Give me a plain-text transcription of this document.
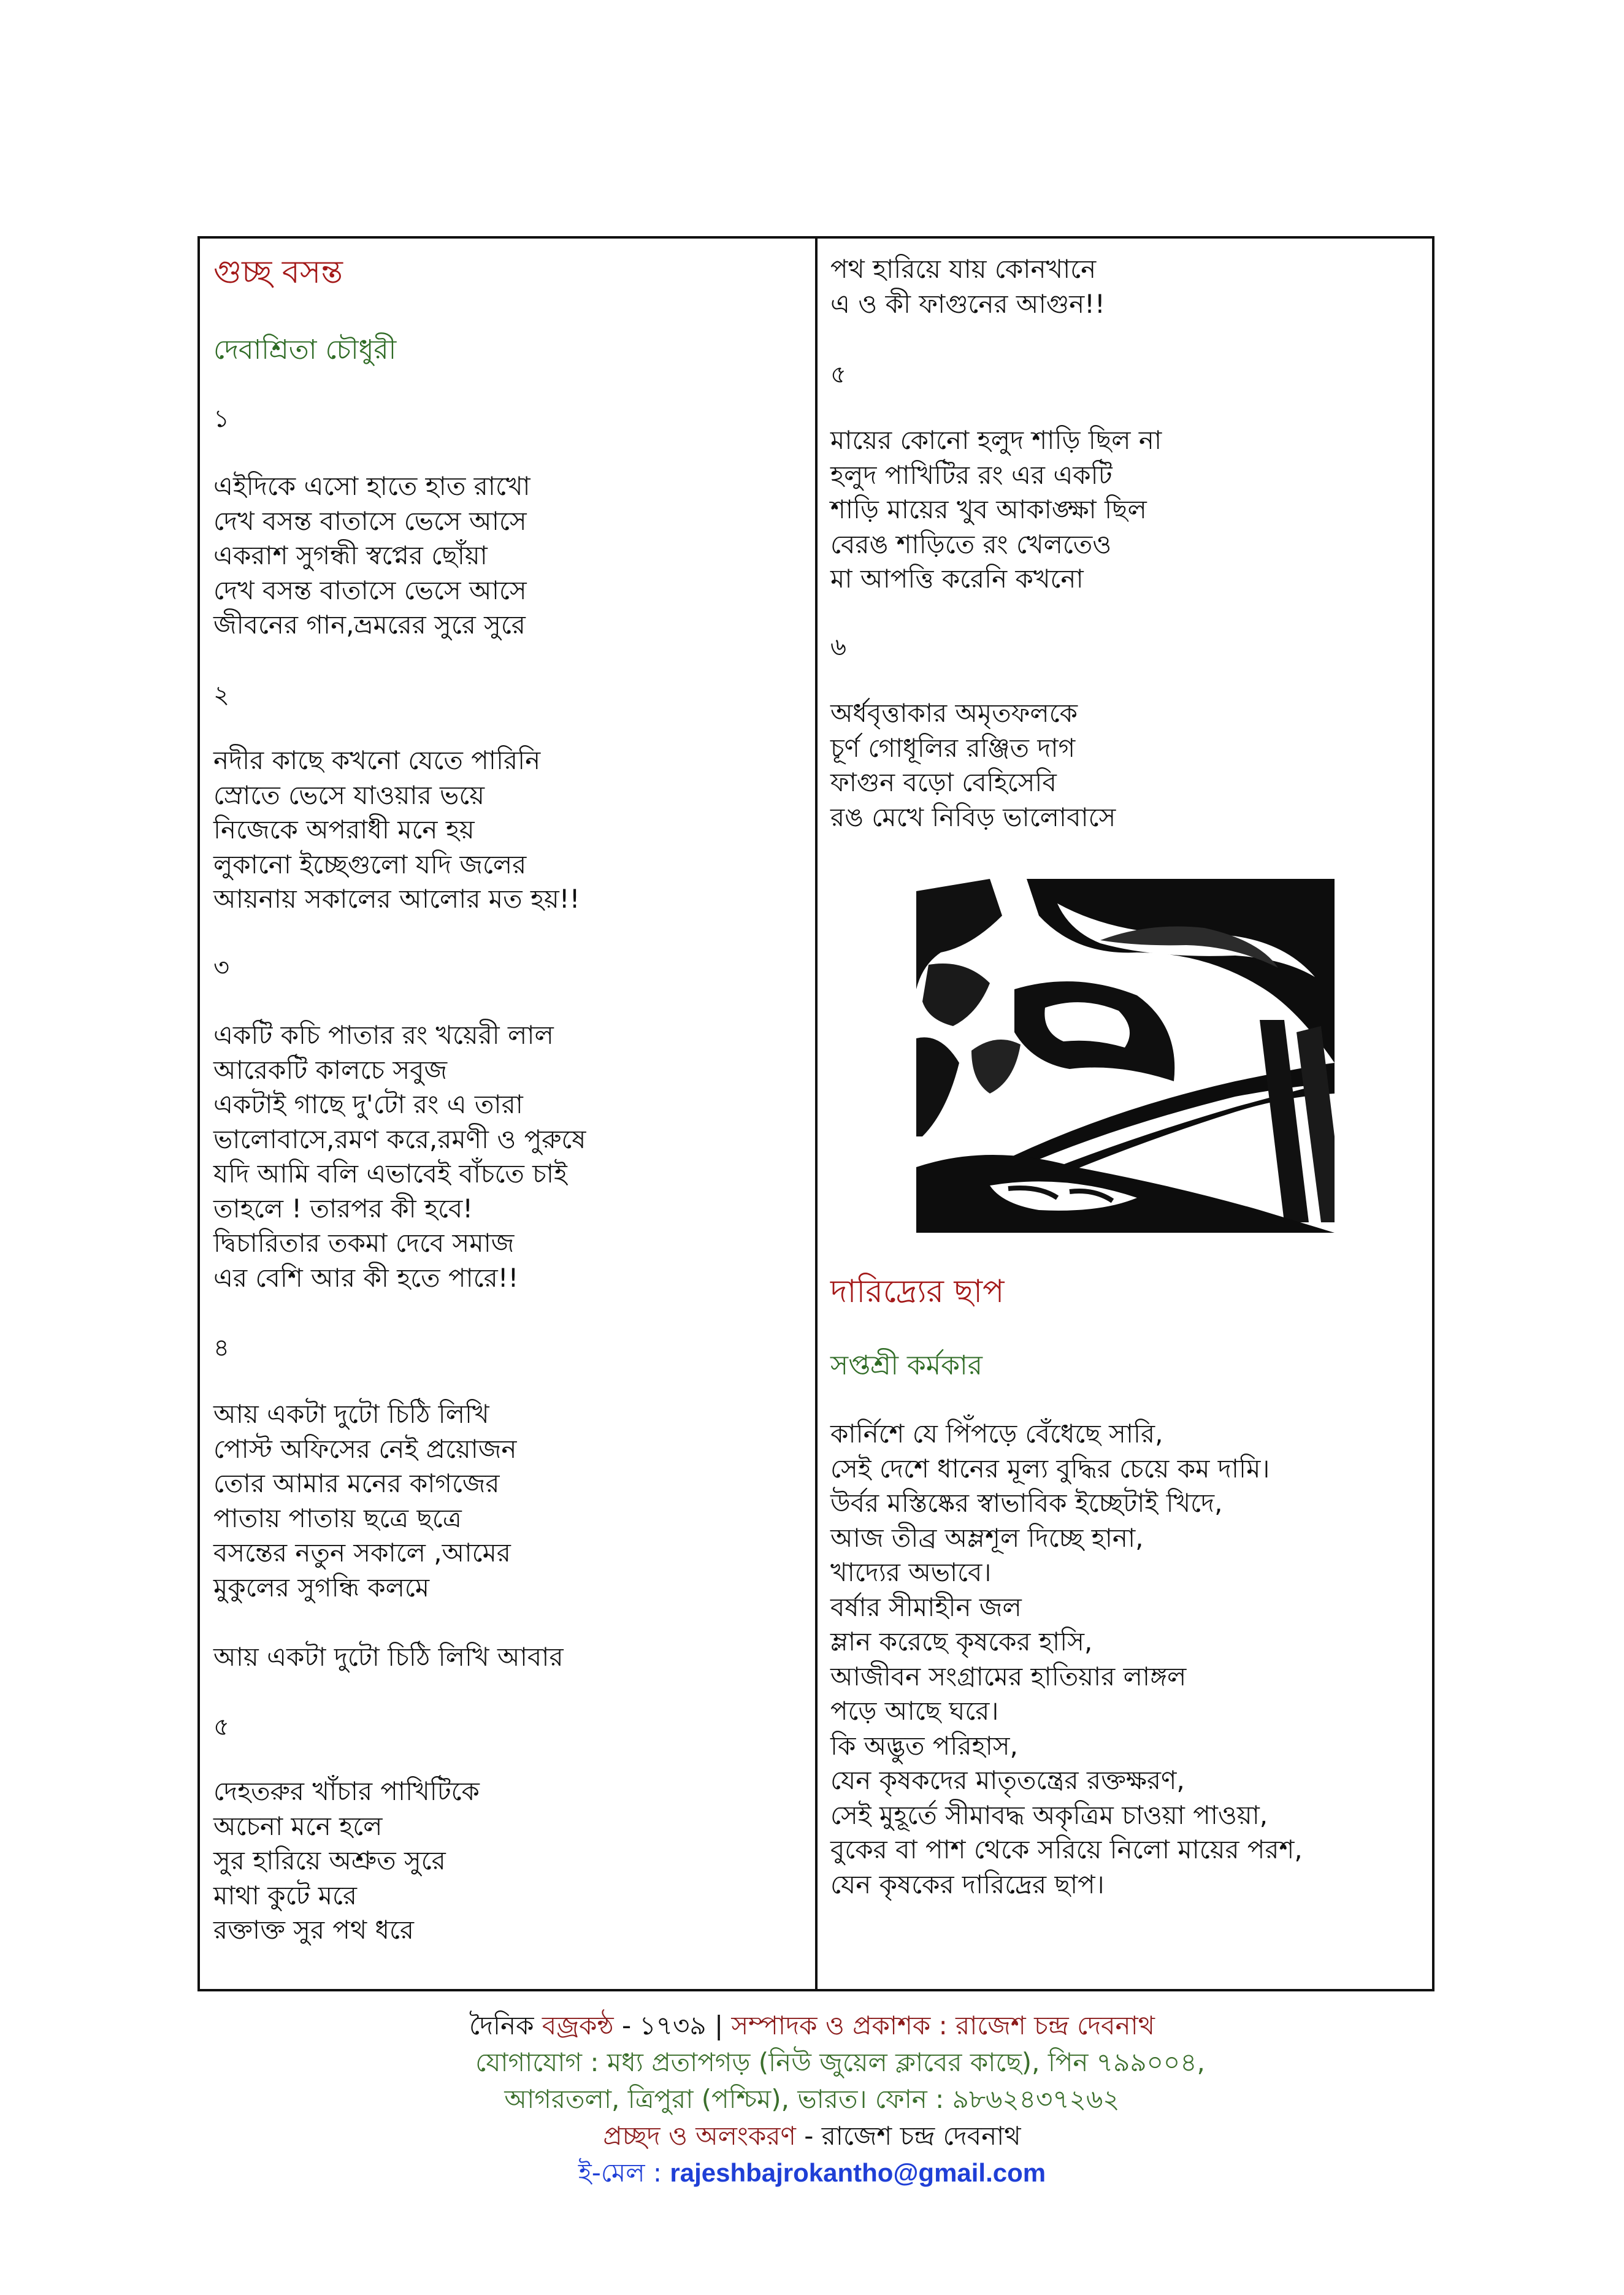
গুচ্ছ বসন্ত
দেবাশ্রিতা চৌধুরী
১
এইদিকে এসো হাতে হাত রাখো
দেখ বসন্ত বাতাসে ভেসে আসে
একরাশ সুগন্ধী স্বপ্নের ছোঁয়া
দেখ বসন্ত বাতাসে ভেসে আসে
জীবনের গান,ভ্রমরের সুরে সুরে
২
নদীর কাছে কখনো যেতে পারিনি
স্রোতে ভেসে যাওয়ার ভয়ে
নিজেকে অপরাধী মনে হয়
লুকানো ইচ্ছেগুলো যদি জলের
আয়নায় সকালের আলোর মত হয়!!
৩
একটি কচি পাতার রং খয়েরী লাল
আরেকটি কালচে সবুজ
একটাই গাছে দু'টো রং এ তারা
ভালোবাসে,রমণ করে,রমণী ও পুরুষে
যদি আমি বলি এভাবেই বাঁচতে চাই
তাহলে ! তারপর কী হবে!
দ্বিচারিতার তকমা দেবে সমাজ
এর বেশি আর কী হতে পারে!!
৪
আয় একটা দুটো চিঠি লিখি
পোস্ট অফিসের নেই প্রয়োজন
তোর আমার মনের কাগজের
পাতায় পাতায় ছত্রে ছত্রে
বসন্তের নতুন সকালে ,আমের
মুকুলের সুগন্ধি কলমে

আয় একটা দুটো চিঠি লিখি আবার
৫
দেহতরুর খাঁচার পাখিটিকে
অচেনা মনে হলে
সুর হারিয়ে অশ্রুত সুরে
মাথা কুটে মরে
রক্তাক্ত সুর পথ ধরে
পথ হারিয়ে যায় কোনখানে
এ ও কী ফাগুনের আগুন!!
৫
মায়ের কোনো হলুদ শাড়ি ছিল না
হলুদ পাখিটির রং এর একটি
শাড়ি মায়ের খুব আকাঙ্ক্ষা ছিল
বেরঙ শাড়িতে রং খেলতেও
মা আপত্তি করেনি কখনো
৬
অর্ধবৃত্তাকার অমৃতফলকে
চূর্ণ গোধূলির রঞ্জিত দাগ
ফাগুন বড়ো বেহিসেবি
রঙ মেখে নিবিড় ভালোবাসে
দারিদ্র্যের ছাপ
সপ্তশ্রী কর্মকার
কার্নিশে যে পিঁপড়ে বেঁধেছে সারি,
সেই দেশে ধানের মূল্য বুদ্ধির চেয়ে কম দামি।
উর্বর মস্তিষ্কের স্বাভাবিক ইচ্ছেটাই খিদে,
আজ তীব্র অম্লশূল দিচ্ছে হানা,
খাদ্যের অভাবে।
বর্ষার সীমাহীন জল
ম্লান করেছে কৃষকের হাসি,
আজীবন সংগ্রামের হাতিয়ার লাঙ্গল
পড়ে আছে ঘরে।
কি অদ্ভুত পরিহাস,
যেন কৃষকদের মাতৃতন্ত্রের রক্তক্ষরণ,
সেই মুহূর্তে সীমাবদ্ধ অকৃত্রিম চাওয়া পাওয়া,
বুকের বা পাশ থেকে সরিয়ে নিলো মায়ের পরশ,
যেন কৃষকের দারিদ্র্রের ছাপ।
দৈনিক বজ্রকন্ঠ - ১৭৩৯ | সম্পাদক ও প্রকাশক : রাজেশ চন্দ্র দেবনাথ
যোগাযোগ : মধ্য প্রতাপগড় (নিউ জুয়েল ক্লাবের কাছে), পিন ৭৯৯০০৪,
আগরতলা, ত্রিপুরা (পশ্চিম), ভারত। ফোন : ৯৮৬২৪৩৭২৬২
প্রচ্ছদ ও অলংকরণ - রাজেশ চন্দ্র দেবনাথ
ই-মেল : rajeshbajrokantho@gmail.com
